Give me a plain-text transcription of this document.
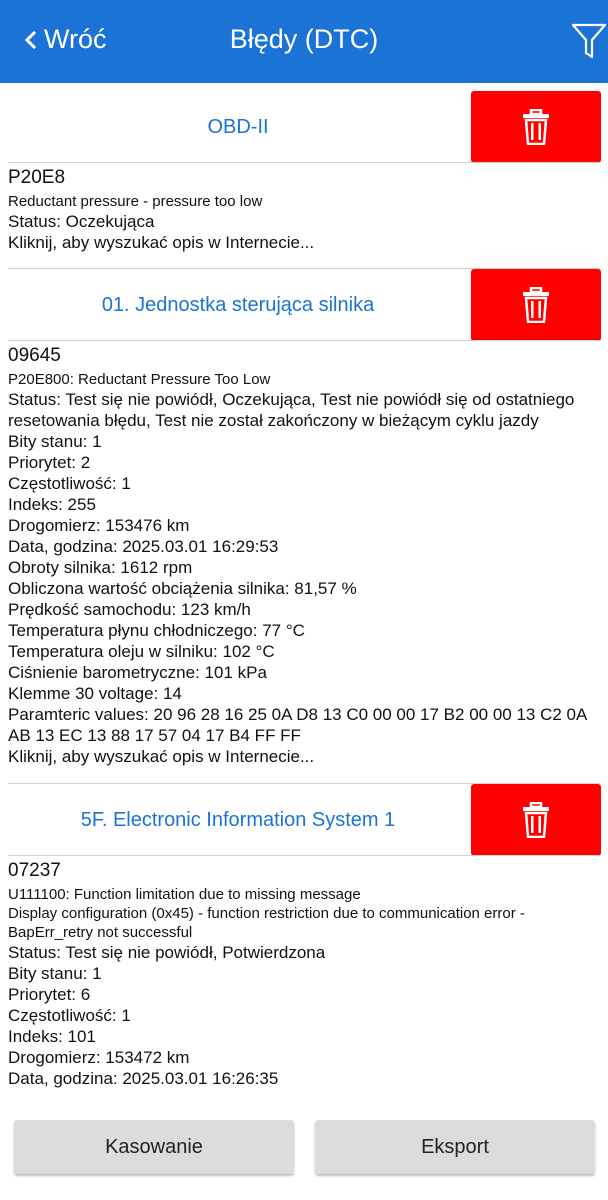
Wróć	Błędy (DTC)
OBD-II
P20E8
Reductant pressure - pressure too low
Status: Oczekująca
Kliknij, aby wyszukać opis w Internecie...
01. Jednostka sterująca silnika
09645
P20E800: Reductant Pressure Too Low
Status: Test się nie powiódł, Oczekująca, Test nie powiódł się od ostatniego resetowania błędu, Test nie został zakończony w bieżącym cyklu jazdy
Bity stanu: 1
Priorytet: 2
Częstotliwość: 1
Indeks: 255
Drogomierz: 153476 km
Data, godzina: 2025.03.01 16:29:53
Obroty silnika: 1612 rpm
Obliczona wartość obciążenia silnika: 81,57 %
Prędkość samochodu: 123 km/h
Temperatura płynu chłodniczego: 77 °C
Temperatura oleju w silniku: 102 °C
Ciśnienie barometryczne: 101 kPa
Klemme 30 voltage: 14
Paramteric values: 20 96 28 16 25 0A D8 13 C0 00 00 17 B2 00 00 13 C2 0A AB 13 EC 13 88 17 57 04 17 B4 FF FF
Kliknij, aby wyszukać opis w Internecie...
5F. Electronic Information System 1
07237
U111100: Function limitation due to missing message
Display configuration (0x45) - function restriction due to communication error - BapErr_retry not successful
Status: Test się nie powiódł, Potwierdzona
Bity stanu: 1
Priorytet: 6
Częstotliwość: 1
Indeks: 101
Drogomierz: 153472 km
Data, godzina: 2025.03.01 16:26:35
Kasowanie	Eksport
